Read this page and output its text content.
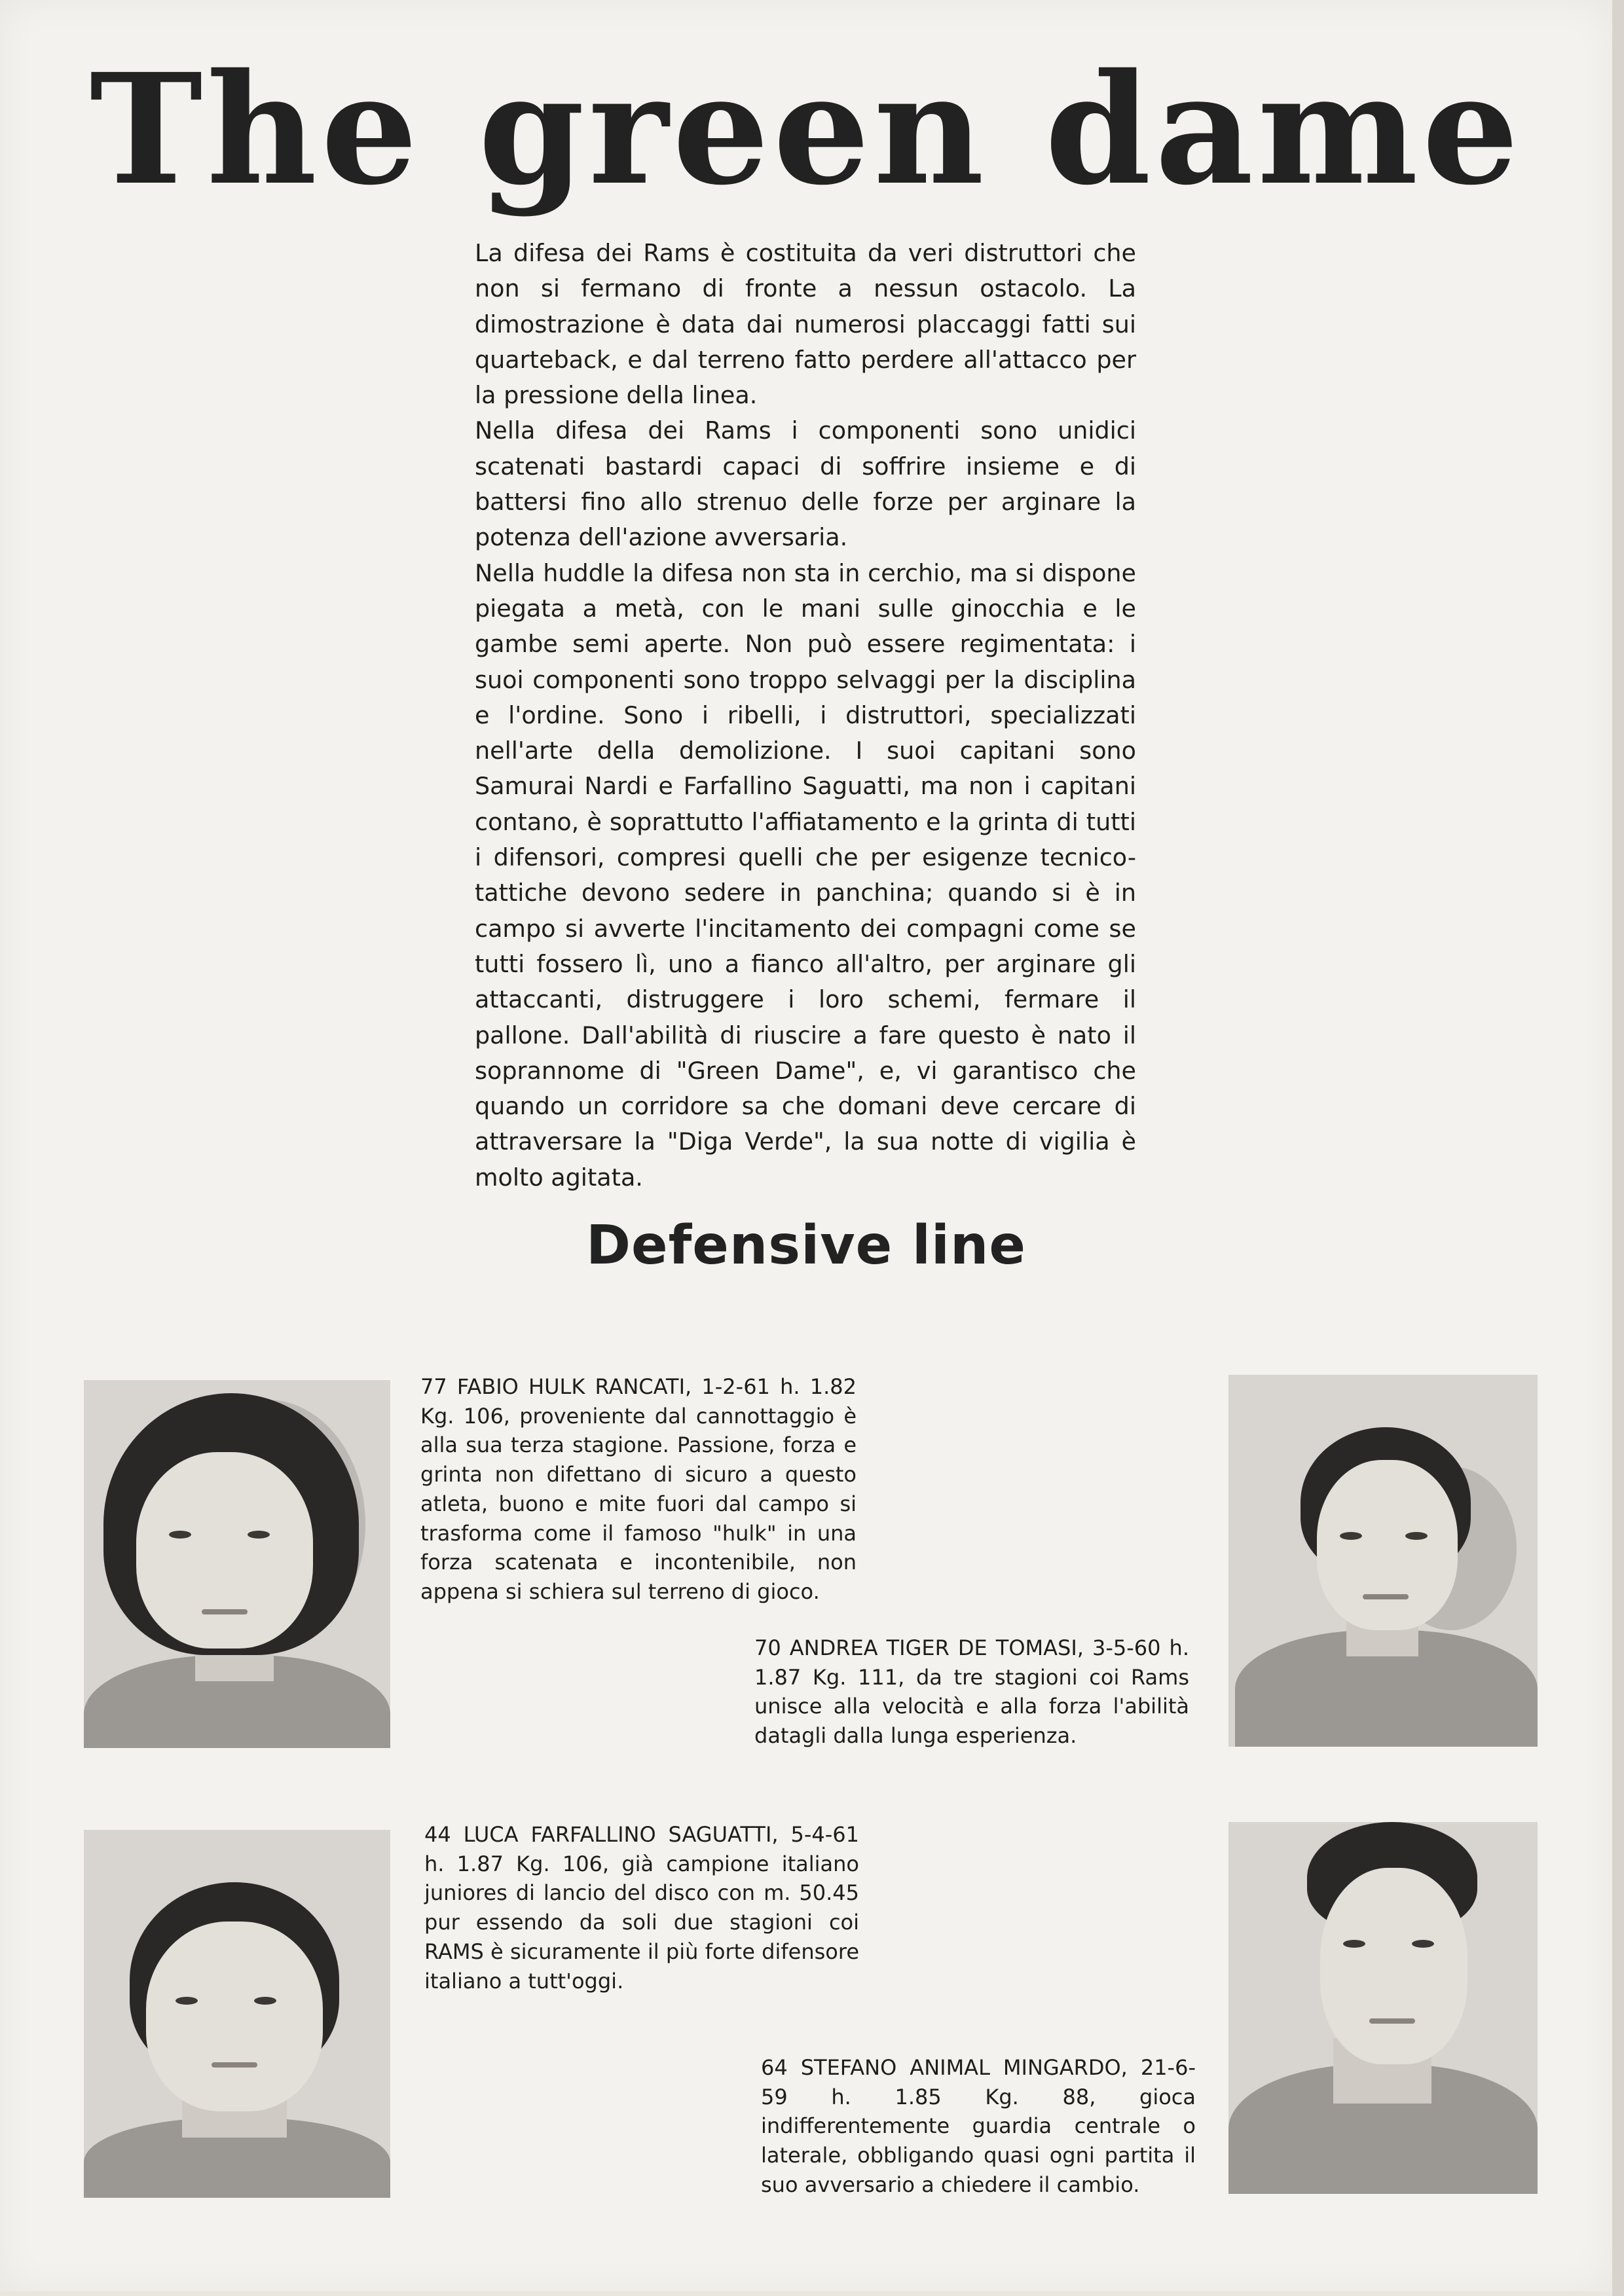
The green dame

La difesa dei Rams è costituita da veri distruttori che non si fermano di fronte a nessun ostacolo. La dimostrazione è data dai numerosi placcaggi fatti sui quarteback, e dal terreno fatto perdere all'attacco per la pressione della linea.

Nella difesa dei Rams i componenti sono unidici scatenati bastardi capaci di soffrire insieme e di battersi fino allo strenuo delle forze per arginare la potenza dell'azione avversaria.

Nella huddle la difesa non sta in cerchio, ma si dispone piegata a metà, con le mani sulle ginocchia e le gambe semi aperte. Non può essere regimentata: i suoi componenti sono troppo selvaggi per la disciplina e l'ordine. Sono i ribelli, i distruttori, specializzati nell'arte della demolizione. I suoi capitani sono Samurai Nardi e Farfallino Saguatti, ma non i capitani contano, è soprattutto l'affiatamento e la grinta di tutti i difensori, compresi quelli che per esigenze tecnico-tattiche devono sedere in panchina; quando si è in campo si avverte l'incitamento dei compagni come se tutti fossero lì, uno a fianco all'altro, per arginare gli attaccanti, distruggere i loro schemi, fermare il pallone. Dall'abilità di riuscire a fare questo è nato il soprannome di "Green Dame", e, vi garantisco che quando un corridore sa che domani deve cercare di attraversare la "Diga Verde", la sua notte di vigilia è molto agitata.

Defensive line
77 FABIO HULK RANCATI, 1-2-61 h. 1.82 Kg. 106, proveniente dal cannottaggio è alla sua terza stagione. Passione, forza e grinta non difettano di sicuro a questo atleta, buono e mite fuori dal campo si trasforma come il famoso "hulk" in una forza scatenata e incontenibile, non appena si schiera sul terreno di gioco.
70 ANDREA TIGER DE TOMASI, 3-5-60 h. 1.87 Kg. 111, da tre stagioni coi Rams unisce alla velocità e alla forza l'abilità datagli dalla lunga esperienza.
44 LUCA FARFALLINO SAGUATTI, 5-4-61 h. 1.87 Kg. 106, già campione italiano juniores di lancio del disco con m. 50.45 pur essendo da soli due stagioni coi RAMS è sicuramente il più forte difensore italiano a tutt'oggi.
64 STEFANO ANIMAL MINGARDO, 21-6-59 h. 1.85 Kg. 88, gioca indifferentemente guardia centrale o laterale, obbligando quasi ogni partita il suo avversario a chiedere il cambio.
